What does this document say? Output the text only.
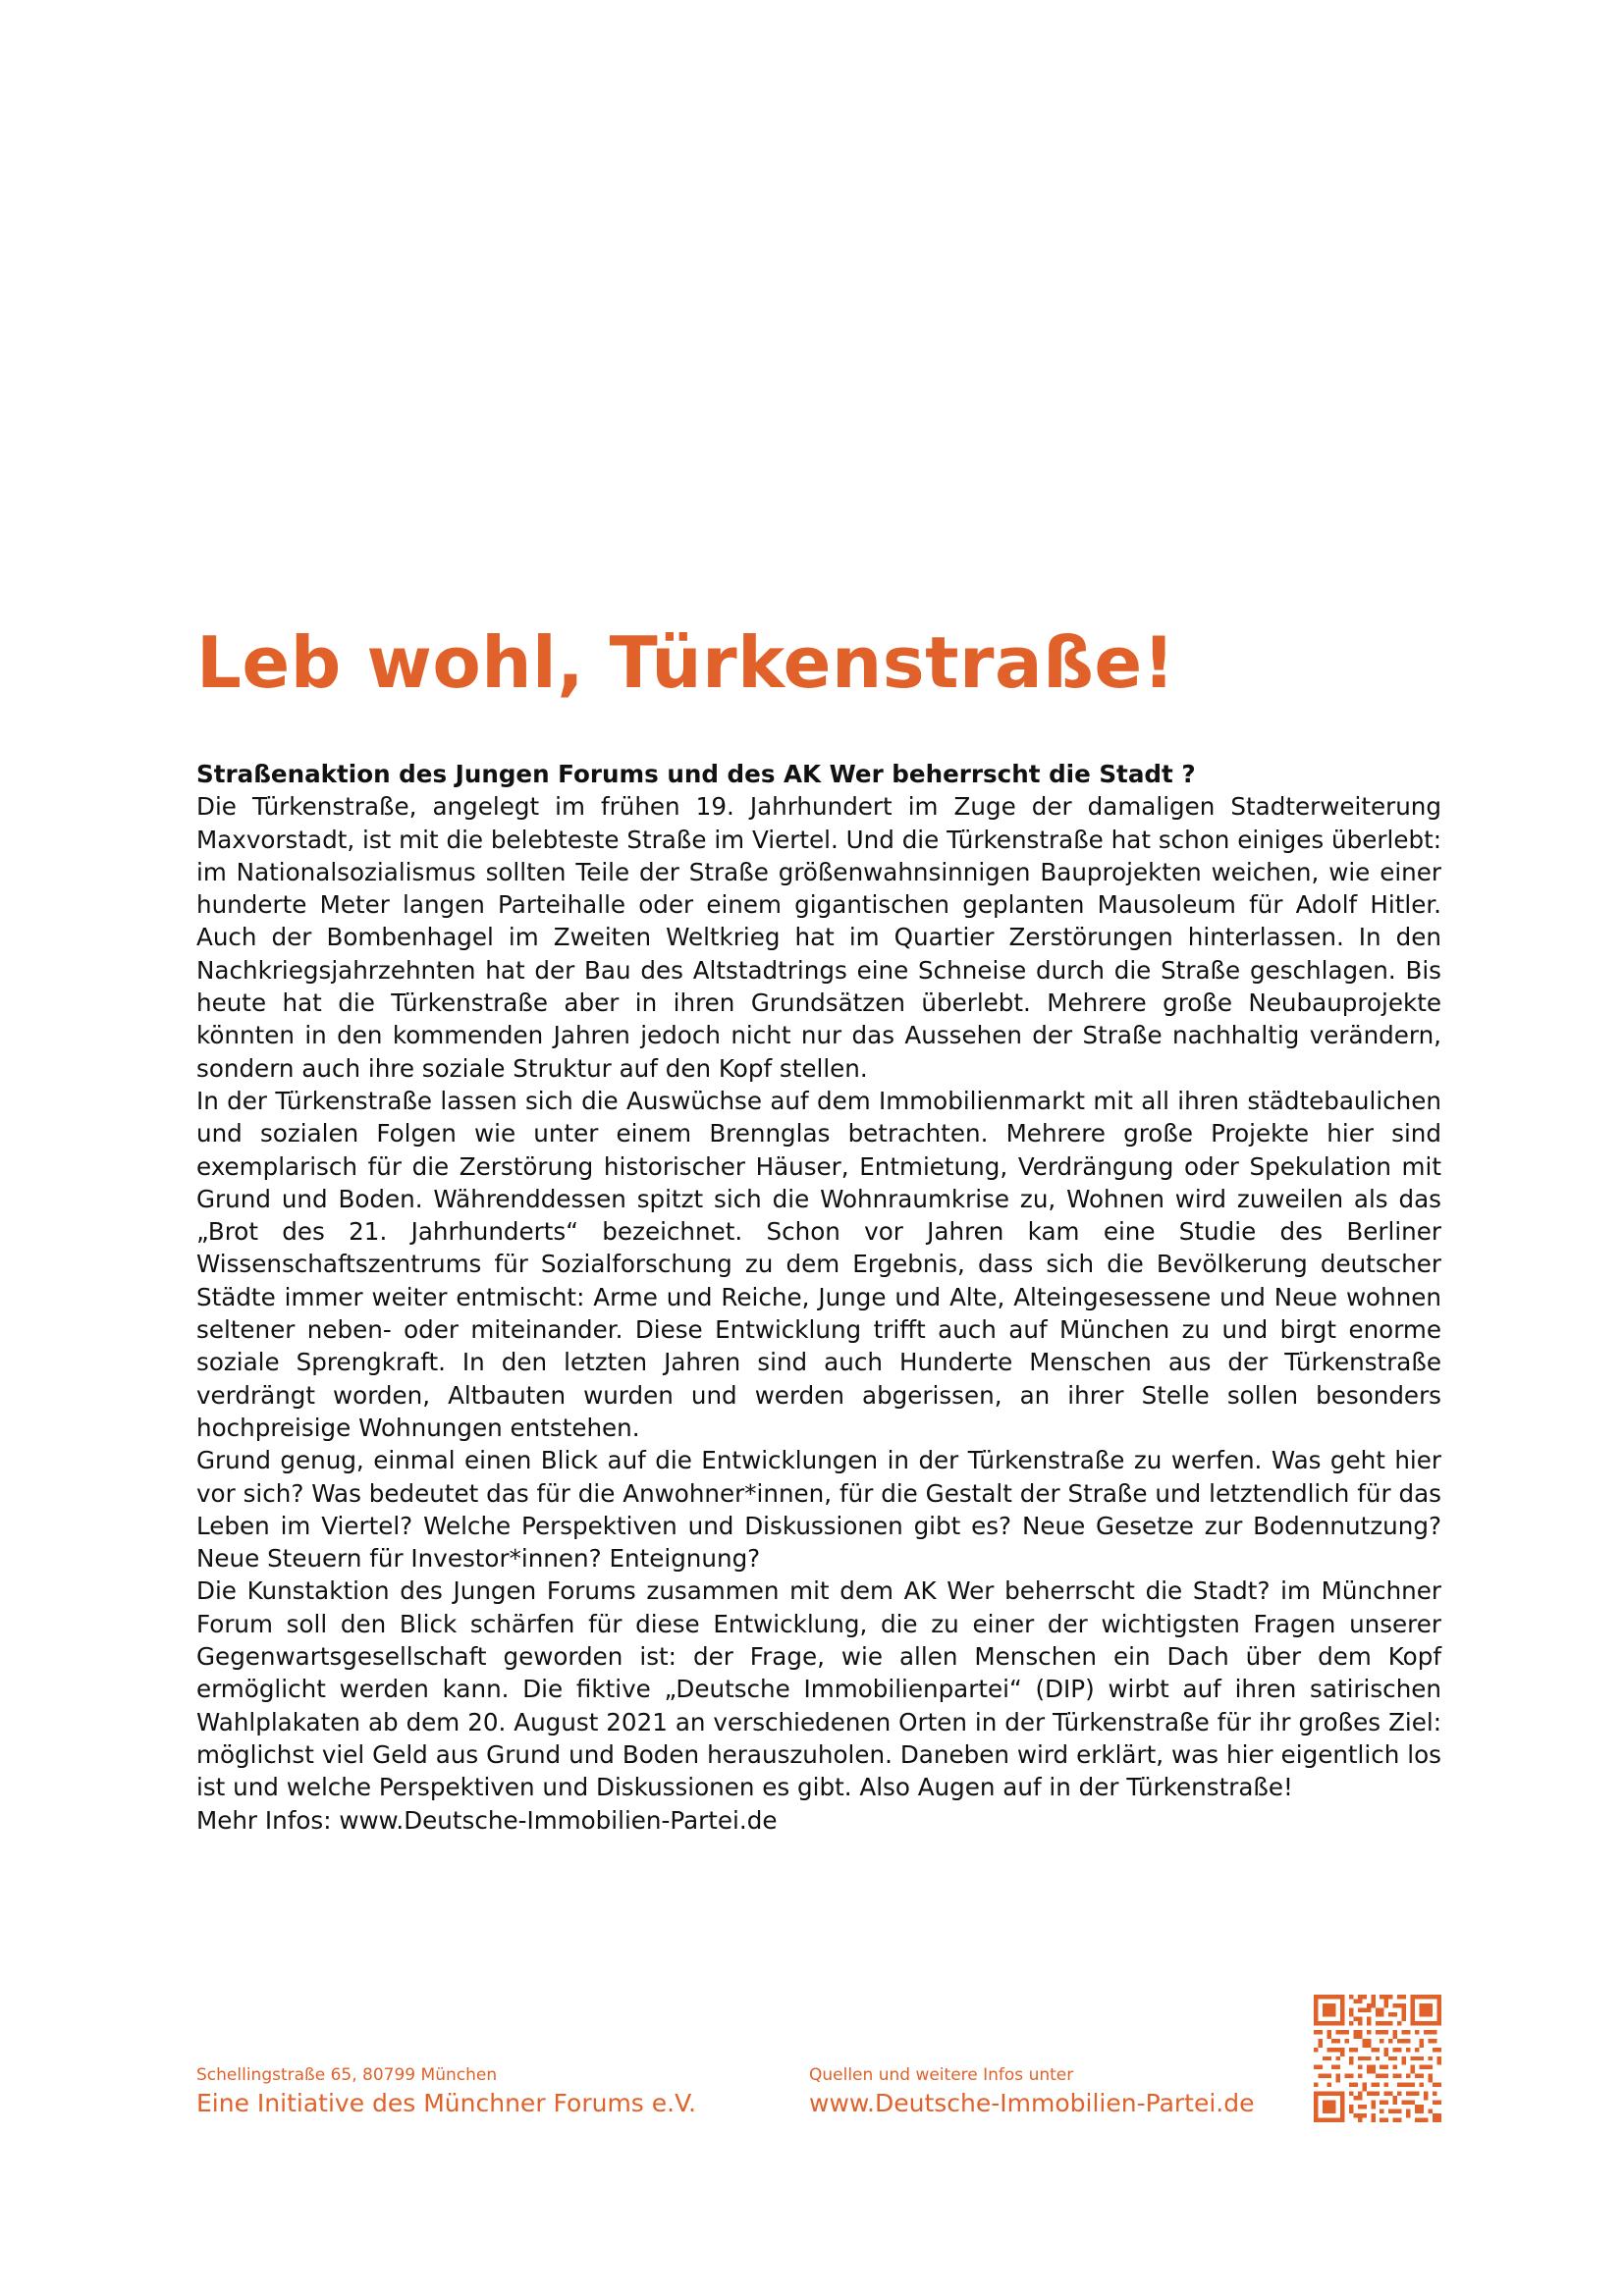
Leb wohl, Türkenstraße!

Straßenaktion des Jungen Forums und des AK Wer beherrscht die Stadt ?

Die Türkenstraße, angelegt im frühen 19. Jahrhundert im Zuge der damaligen Stadterweiterung Maxvorstadt, ist mit die belebteste Straße im Viertel. Und die Türkenstraße hat schon einiges überlebt: im Nationalsozialismus sollten Teile der Straße größenwahnsinnigen Bauprojekten weichen, wie einer hunderte Meter langen Parteihalle oder einem gigantischen geplanten Mausoleum für Adolf Hitler. Auch der Bombenhagel im Zweiten Weltkrieg hat im Quartier Zerstörungen hinterlassen. In den Nachkriegsjahrzehnten hat der Bau des Altstadtrings eine Schneise durch die Straße geschlagen. Bis heute hat die Türkenstraße aber in ihren Grundsätzen überlebt. Mehrere große Neubauprojekte könnten in den kommenden Jahren jedoch nicht nur das Aussehen der Straße nachhaltig verändern, sondern auch ihre soziale Struktur auf den Kopf stellen.

In der Türkenstraße lassen sich die Auswüchse auf dem Immobilienmarkt mit all ihren städtebaulichen und sozialen Folgen wie unter einem Brennglas betrachten. Mehrere große Projekte hier sind exemplarisch für die Zerstörung historischer Häuser, Entmietung, Verdrängung oder Spekulation mit Grund und Boden. Währenddessen spitzt sich die Wohnraumkrise zu, Wohnen wird zuweilen als das „Brot des 21. Jahrhunderts“ bezeichnet. Schon vor Jahren kam eine Studie des Berliner Wissenschaftszentrums für Sozialforschung zu dem Ergebnis, dass sich die Bevölkerung deutscher Städte immer weiter entmischt: Arme und Reiche, Junge und Alte, Alteingesessene und Neue wohnen seltener neben- oder miteinander. Diese Entwicklung trifft auch auf München zu und birgt enorme soziale Sprengkraft. In den letzten Jahren sind auch Hunderte Menschen aus der Türkenstraße verdrängt worden, Altbauten wurden und werden abgerissen, an ihrer Stelle sollen besonders hochpreisige Wohnungen entstehen.

Grund genug, einmal einen Blick auf die Entwicklungen in der Türkenstraße zu werfen. Was geht hier vor sich? Was bedeutet das für die Anwohner*innen, für die Gestalt der Straße und letztendlich für das Leben im Viertel? Welche Perspektiven und Diskussionen gibt es? Neue Gesetze zur Bodennutzung? Neue Steuern für Investor*innen? Enteignung?

Die Kunstaktion des Jungen Forums zusammen mit dem AK Wer beherrscht die Stadt? im Münchner Forum soll den Blick schärfen für diese Entwicklung, die zu einer der wichtigsten Fragen unserer Gegenwartsgesellschaft geworden ist: der Frage, wie allen Menschen ein Dach über dem Kopf ermöglicht werden kann. Die fiktive „Deutsche Immobilienpartei“ (DIP) wirbt auf ihren satirischen Wahlplakaten ab dem 20. August 2021 an verschiedenen Orten in der Türkenstraße für ihr großes Ziel: möglichst viel Geld aus Grund und Boden herauszuholen. Daneben wird erklärt, was hier eigentlich los ist und welche Perspektiven und Diskussionen es gibt. Also Augen auf in der Türkenstraße!

Mehr Infos: www.Deutsche-Immobilien-Partei.de

Schellingstraße 65, 80799 München
Eine Initiative des Münchner Forums e.V.
Quellen und weitere Infos unter
www.Deutsche-Immobilien-Partei.de
